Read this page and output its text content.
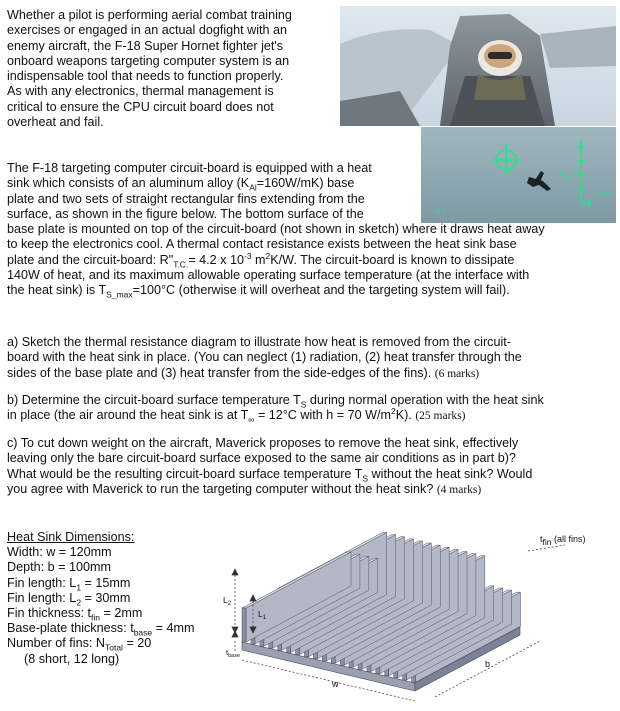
Whether a pilot is performing aerial combat training
exercises or engaged in an actual dogfight with an
enemy aircraft, the F-18 Super Hornet fighter jet's
onboard weapons targeting computer system is an
indispensable tool that needs to function properly.
As with any electronics, thermal management is
critical to ensure the CPU circuit board does not
overheat and fail.
344
0007
The F-18 targeting computer circuit-board is equipped with a heat
sink which consists of an aluminum alloy $(K_{Al}=160W/mK)$ base
plate and two sets of straight rectangular fins extending from the
surface, as shown in the figure below. The bottom surface of the
base plate is mounted on top of the circuit-board (not shown in sketch) where it draws heat away
to keep the electronics cool. A thermal contact resistance exists between the heat sink base
plate and the circuit-board: $R"_{T.C.}= 4.2$ x $10^{-3}$ $m^2K/W$. The circuit-board is known to dissipate
140W of heat, and its maximum allowable operating surface temperature (at the interface with
the heat sink) is $T_{S\_max}=100^\circ C$ (otherwise it will overheat and the targeting system will fail).
a) Sketch the thermal resistance diagram to illustrate how heat is removed from the circuit-
board with the heat sink in place. (You can neglect (1) radiation, (2) heat transfer through the
sides of the base plate and (3) heat transfer from the side-edges of the fins). (6 marks)
b) Determine the circuit-board surface temperature $T_S$ during normal operation with the heat sink
in place (the air around the heat sink is at $T_\infty = 12^\circ C$ with h = 70 $W/m^2K$). (25 marks)
c) To cut down weight on the aircraft, Maverick proposes to remove the heat sink, effectively
leaving only the bare circuit-board surface exposed to the same air conditions as in part b)?
What would be the resulting circuit-board surface temperature $T_S$ without the heat sink? Would
you agree with Maverick to run the targeting computer without the heat sink? (4 marks)
Heat Sink Dimensions:
Width: w = 120mm
Depth: b = 100mm
Fin length: $L_1 = 15mm$
Fin length: $L_2 = 30mm$
Fin thickness: $t_{fin} = 2mm$
Base-plate thickness: $t_{base} = 4mm$
Number of fins: $N_{Total} = 20$
(8 short, 12 long)
$L_2$
$L_1$
$t_{base}$
w
b
$t_{fin}$ (all fins)
